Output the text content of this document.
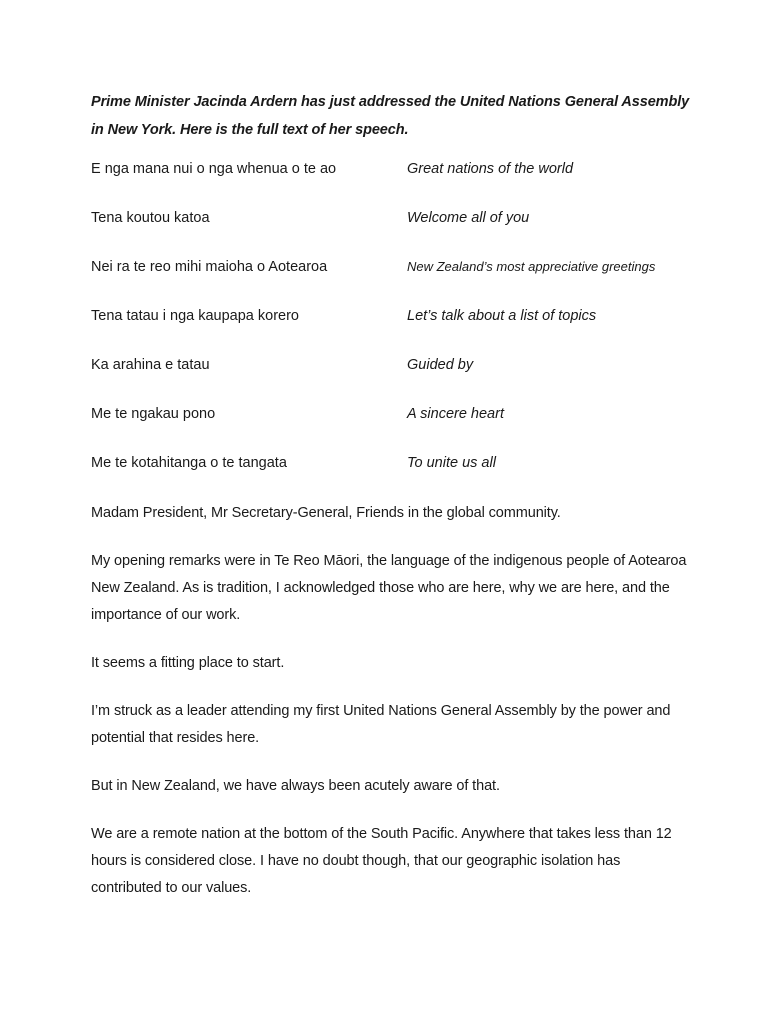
Prime Minister Jacinda Ardern has just addressed the United Nations General Assembly in New York. Here is the full text of her speech.

E nga mana nui o nga whenua o te ao	Great nations of the world
Tena koutou katoa	Welcome all of you
Nei ra te reo mihi maioha o Aotearoa	New Zealand’s most appreciative greetings
Tena tatau i nga kaupapa korero	Let’s talk about a list of topics
Ka arahina e tatau	Guided by
Me te ngakau pono	A sincere heart
Me te kotahitanga o te tangata	To unite us all

Madam President, Mr Secretary-General, Friends in the global community.

My opening remarks were in Te Reo Māori, the language of the indigenous people of Aotearoa New Zealand. As is tradition, I acknowledged those who are here, why we are here, and the importance of our work.

It seems a fitting place to start.

I’m struck as a leader attending my first United Nations General Assembly by the power and potential that resides here.

But in New Zealand, we have always been acutely aware of that.

We are a remote nation at the bottom of the South Pacific. Anywhere that takes less than 12 hours is considered close. I have no doubt though, that our geographic isolation has contributed to our values.
